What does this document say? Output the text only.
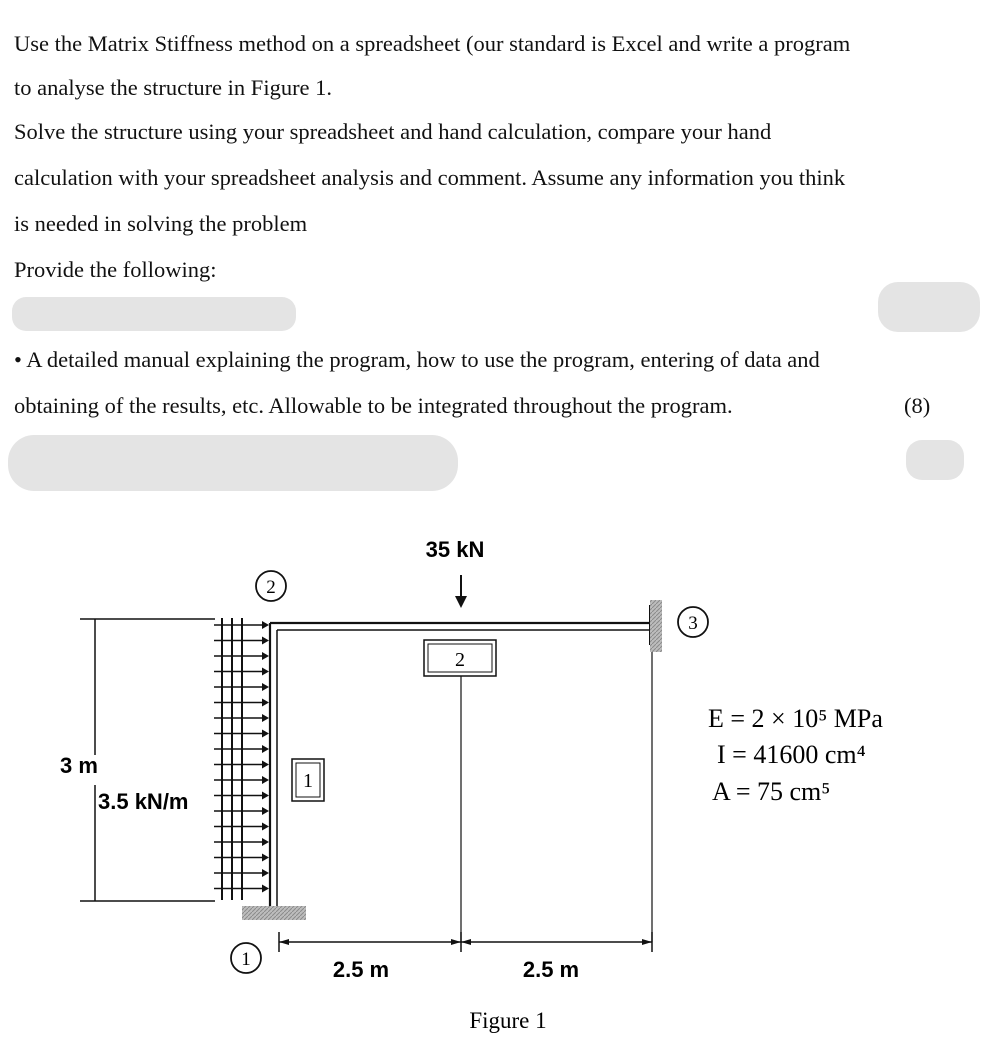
Use the Matrix Stiffness method on a spreadsheet (our standard is Excel and write a program
to analyse the structure in Figure 1.
Solve the structure using your spreadsheet and hand calculation, compare your hand
calculation with your spreadsheet analysis and comment. Assume any information you think
is needed in solving the problem
Provide the following:
• A detailed manual explaining the program, how to use the program, entering of data and
obtaining of the results, etc. Allowable to be integrated throughout the program.	(8)
1
2
2
3
1
35 kN
3 m
3.5 kN/m
2.5 m	2.5 m
Figure 1
E = 2 × 10⁵ MPa
I = 41600 cm⁴
A = 75 cm⁵
